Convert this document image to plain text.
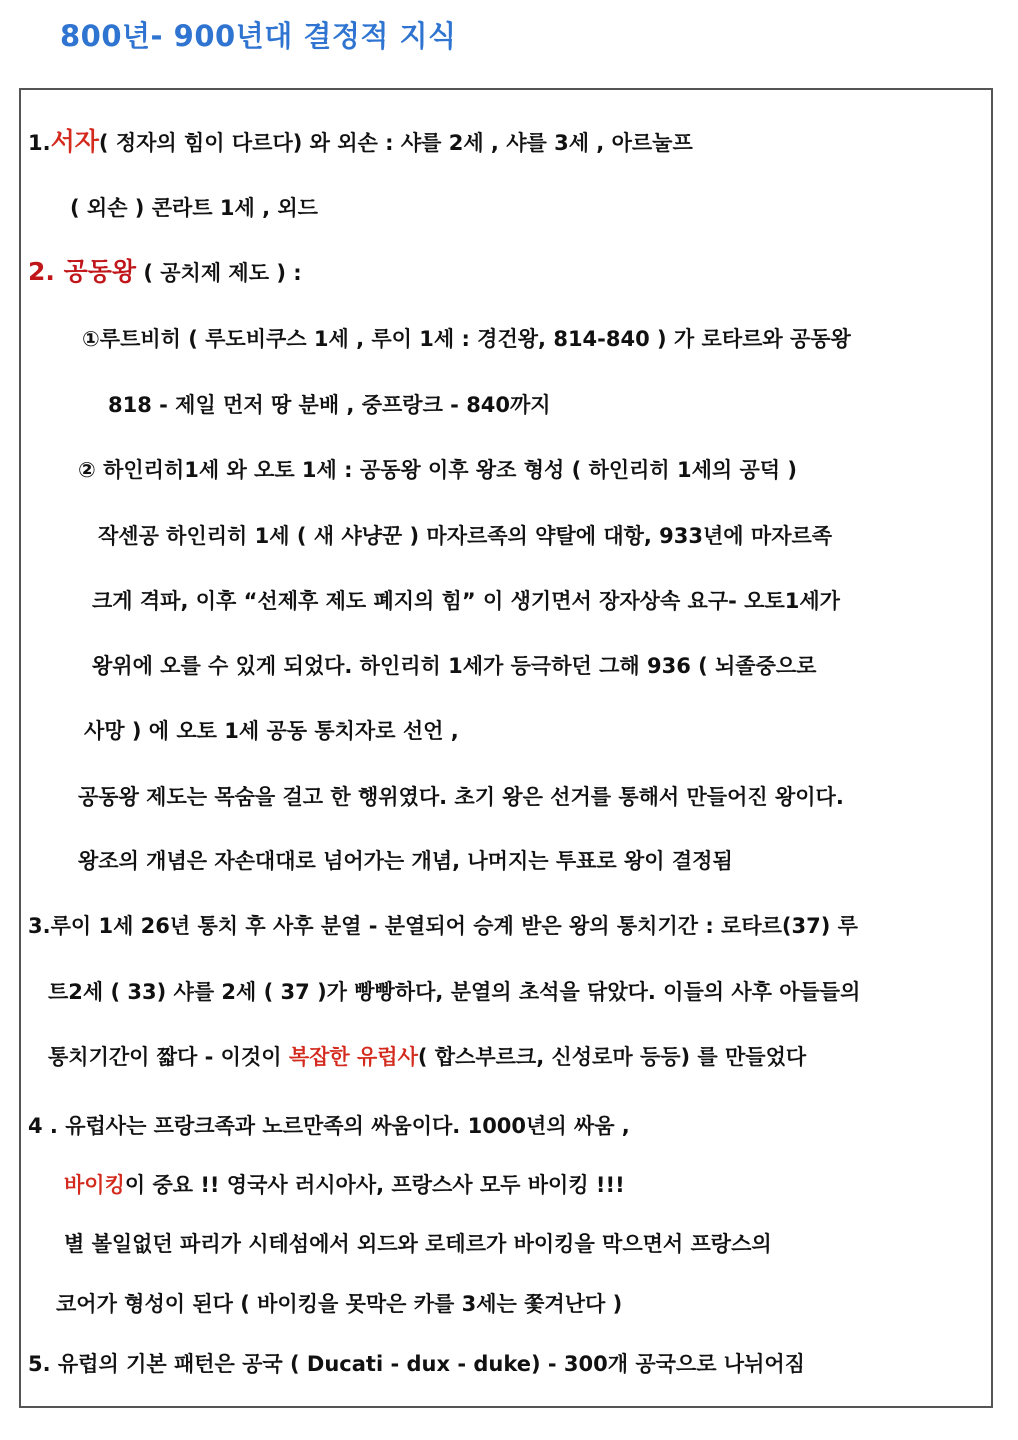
800년- 900년대 결정적 지식
1.서자( 정자의 힘이 다르다) 와 외손 : 샤를 2세 , 샤를 3세 , 아르눌프
( 외손 ) 콘라트 1세 , 외드
2. 공동왕 ( 공치제 제도 ) :
①루트비히 ( 루도비쿠스 1세 , 루이 1세 : 경건왕, 814-840 ) 가 로타르와 공동왕
818 - 제일 먼저 땅 분배 , 중프랑크 - 840까지
② 하인리히1세 와 오토 1세 : 공동왕 이후 왕조 형성 ( 하인리히 1세의 공덕 )
작센공 하인리히 1세 ( 새 샤냥꾼 ) 마자르족의 약탈에 대항, 933년에 마자르족
크게 격파, 이후 “선제후 제도 폐지의 힘” 이 생기면서 장자상속 요구- 오토1세가
왕위에 오를 수 있게 되었다. 하인리히 1세가 등극하던 그해 936 ( 뇌졸중으로
사망 ) 에 오토 1세 공동 통치자로 선언 ,
공동왕 제도는 목숨을 걸고 한 행위였다. 초기 왕은 선거를 통해서 만들어진 왕이다.
왕조의 개념은 자손대대로 넘어가는 개념, 나머지는 투표로 왕이 결정됨
3.루이 1세 26년 통치 후 사후 분열 - 분열되어 승계 받은 왕의 통치기간 : 로타르(37) 루
트2세 ( 33) 샤를 2세 ( 37 )가 빵빵하다, 분열의 초석을 닦았다. 이들의 사후 아들들의
통치기간이 짧다 - 이것이 복잡한 유럽사( 합스부르크, 신성로마 등등) 를 만들었다
4 . 유럽사는 프랑크족과 노르만족의 싸움이다. 1000년의 싸움 ,
바이킹이 중요 !! 영국사 러시아사, 프랑스사 모두 바이킹 !!!
별 볼일없던 파리가 시테섬에서 외드와 로테르가 바이킹을 막으면서 프랑스의
코어가 형성이 된다 ( 바이킹을 못막은 카를 3세는 쫓겨난다 )
5. 유럽의 기본 패턴은 공국 ( Ducati - dux - duke) - 300개 공국으로 나뉘어짐
